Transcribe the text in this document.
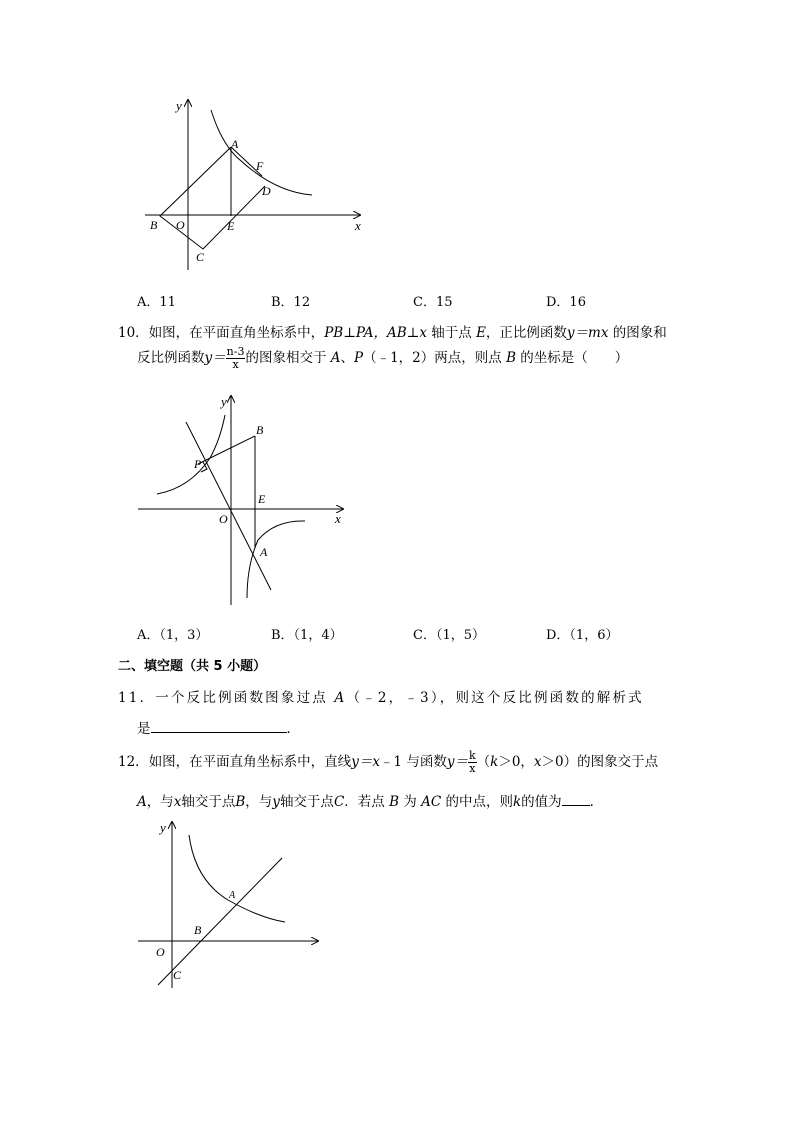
y
x
A
F
D
B O	E
C
A．11	B．12	C．15	D．16
10．如图，在平面直角坐标系中，PB⊥PA，AB⊥x 轴于点 E，正比例函数y＝mx 的图象和
反比例函数$y= \frac{n-3}{x}$ 的图象相交于 A、P（﹣1，2）两点，则点 B 的坐标是（　　）
y
x
B
P
E
O
A
A．（1，3）	B．（1，4）	C．（1，5）	D．（1，6）
二、填空题（共 5 小题）
11．一个反比例函数图象过点 A（﹣2，﹣3），则这个反比例函数的解析式
是	．
12．如图，在平面直角坐标系中，直线y＝x﹣1 与函数$y= \frac{k}{x} (k>0$，x＞0）的图象交于点
A，与x轴交于点B，与y轴交于点C．若点 B 为 AC 的中点，则k的值为 ．
y
A
B
O
C
